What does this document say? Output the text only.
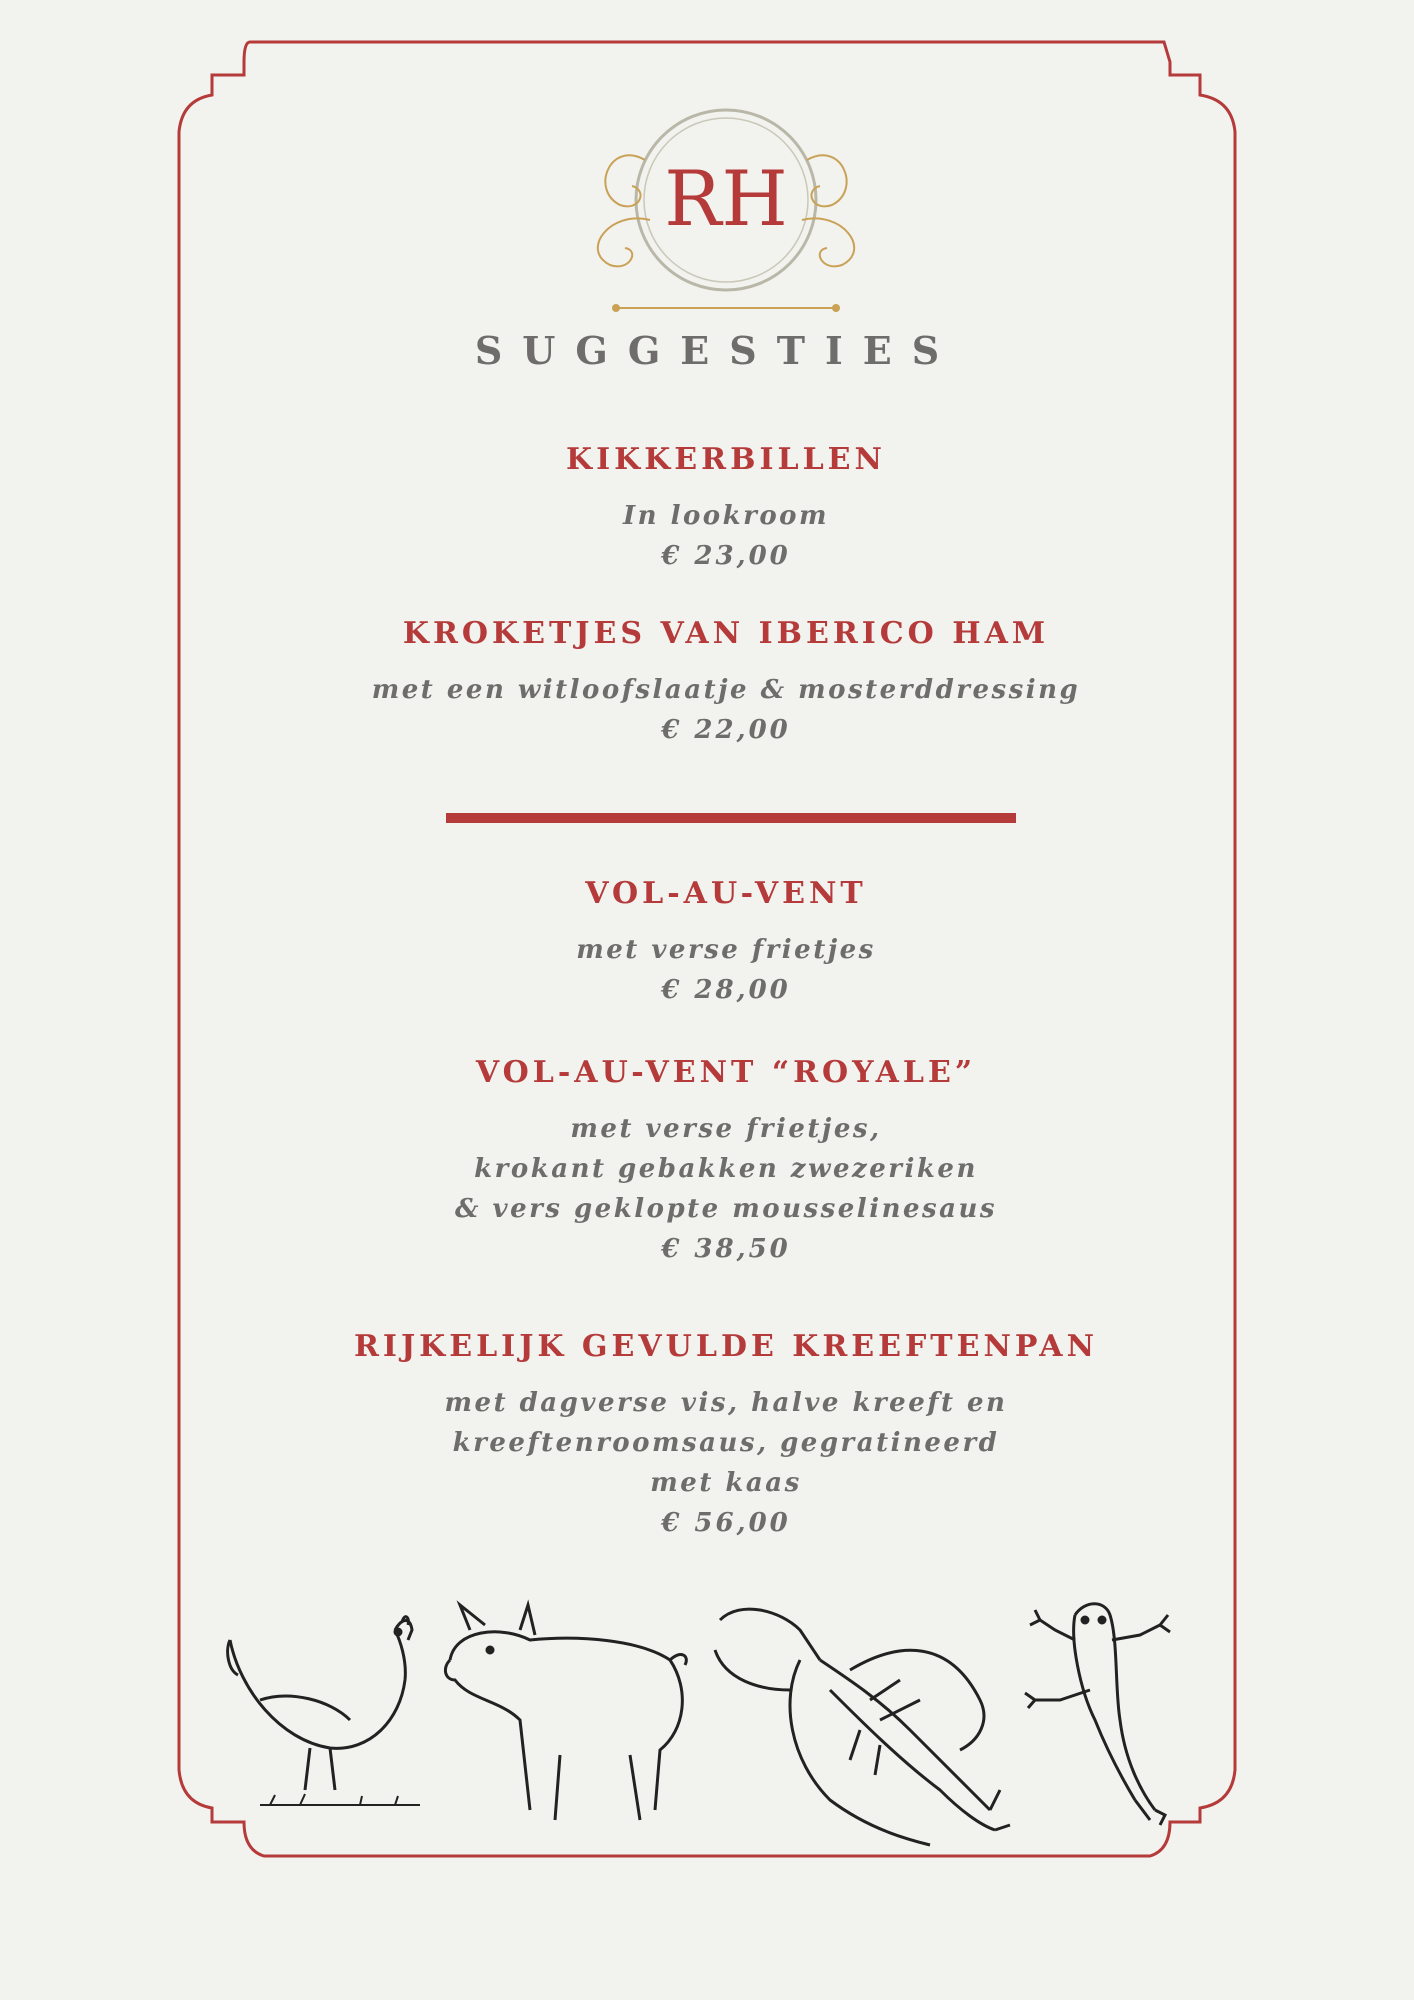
RH
SUGGESTIES
KIKKERBILLEN
In lookroom
€ 23,00
KROKETJES VAN IBERICO HAM
met een witloofslaatje & mosterddressing
€ 22,00
VOL-AU-VENT
met verse frietjes
€ 28,00
VOL-AU-VENT “ROYALE”
met verse frietjes,
krokant gebakken zwezeriken
& vers geklopte mousselinesaus
€ 38,50
RIJKELIJK GEVULDE KREEFTENPAN
met dagverse vis, halve kreeft en
kreeftenroomsaus, gegratineerd
met kaas
€ 56,00
